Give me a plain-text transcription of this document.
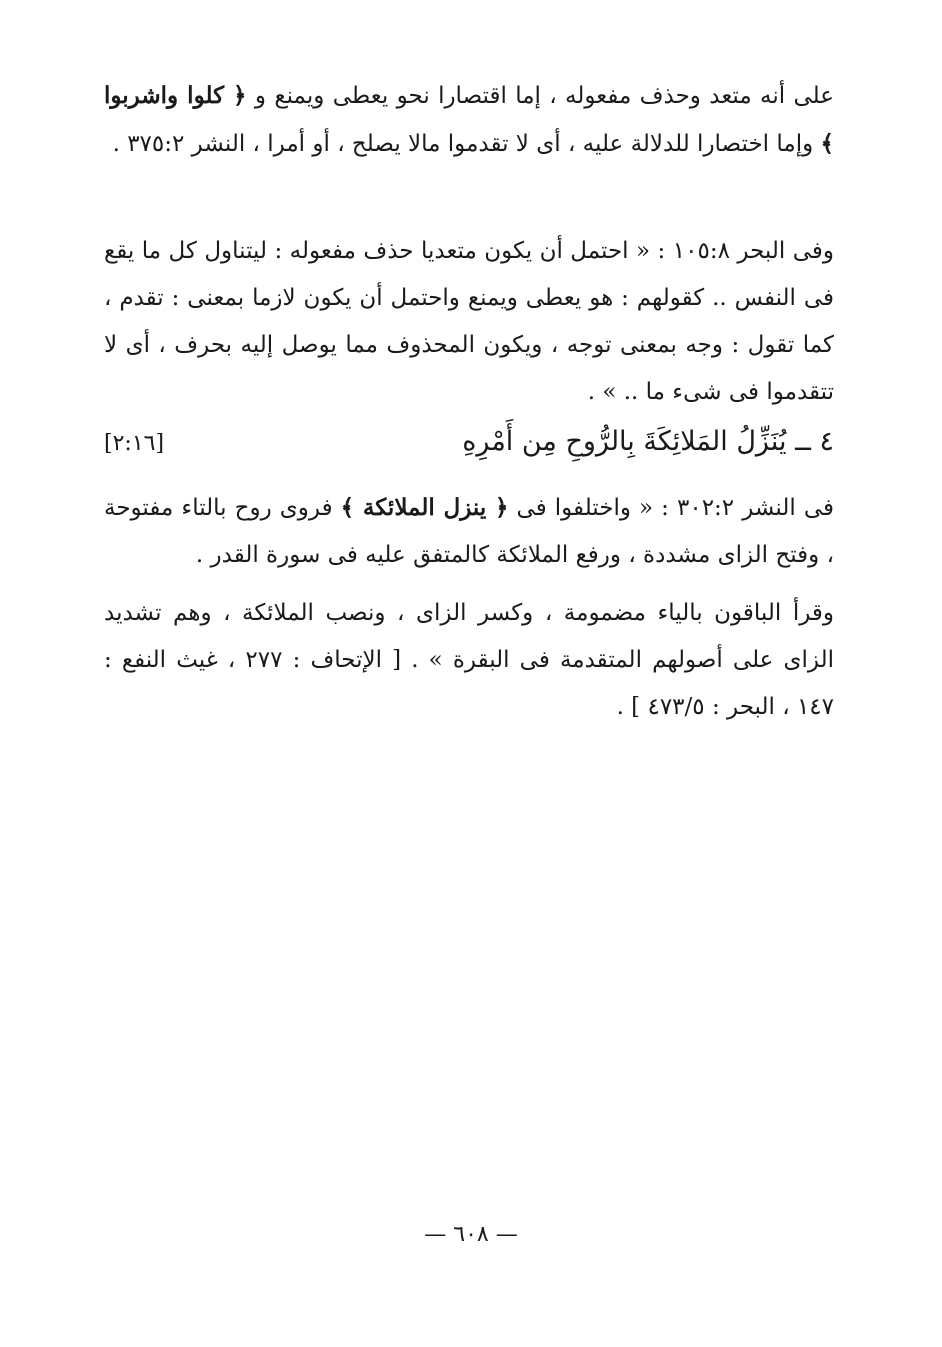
على أنه متعد وحذف مفعوله ، إما اقتصارا نحو يعطى ويمنع و ﴿ كلوا واشربوا ﴾ وإما اختصارا للدلالة عليه ، أى لا تقدموا مالا يصلح ، أو أمرا ، النشر ٣٧٥:٢ .

وفى البحر ١٠٥:٨ : « احتمل أن يكون متعديا حذف مفعوله : ليتناول كل ما يقع فى النفس .. كقولهم : هو يعطى ويمنع واحتمل أن يكون لازما بمعنى : تقدم ، كما تقول : وجه بمعنى توجه ، ويكون المحذوف مما يوصل إليه بحرف ، أى لا تتقدموا فى شىء ما .. » .

٤ ــ يُنَزِّلُ المَلائِكَةَ بِالرُّوحِ مِن أَمْرِهِ
[٢:١٦]

فى النشر ٣٠٢:٢ : « واختلفوا فى ﴿ ينزل الملائكة ﴾ فروى روح بالتاء مفتوحة ، وفتح الزاى مشددة ، ورفع الملائكة كالمتفق عليه فى سورة القدر .

وقرأ الباقون بالياء مضمومة ، وكسر الزاى ، ونصب الملائكة ، وهم تشديد الزاى على أصولهم المتقدمة فى البقرة » . [ الإتحاف : ٢٧٧ ، غيث النفع : ١٤٧ ، البحر : ٤٧٣/٥ ] .

— ٦٠٨ —
